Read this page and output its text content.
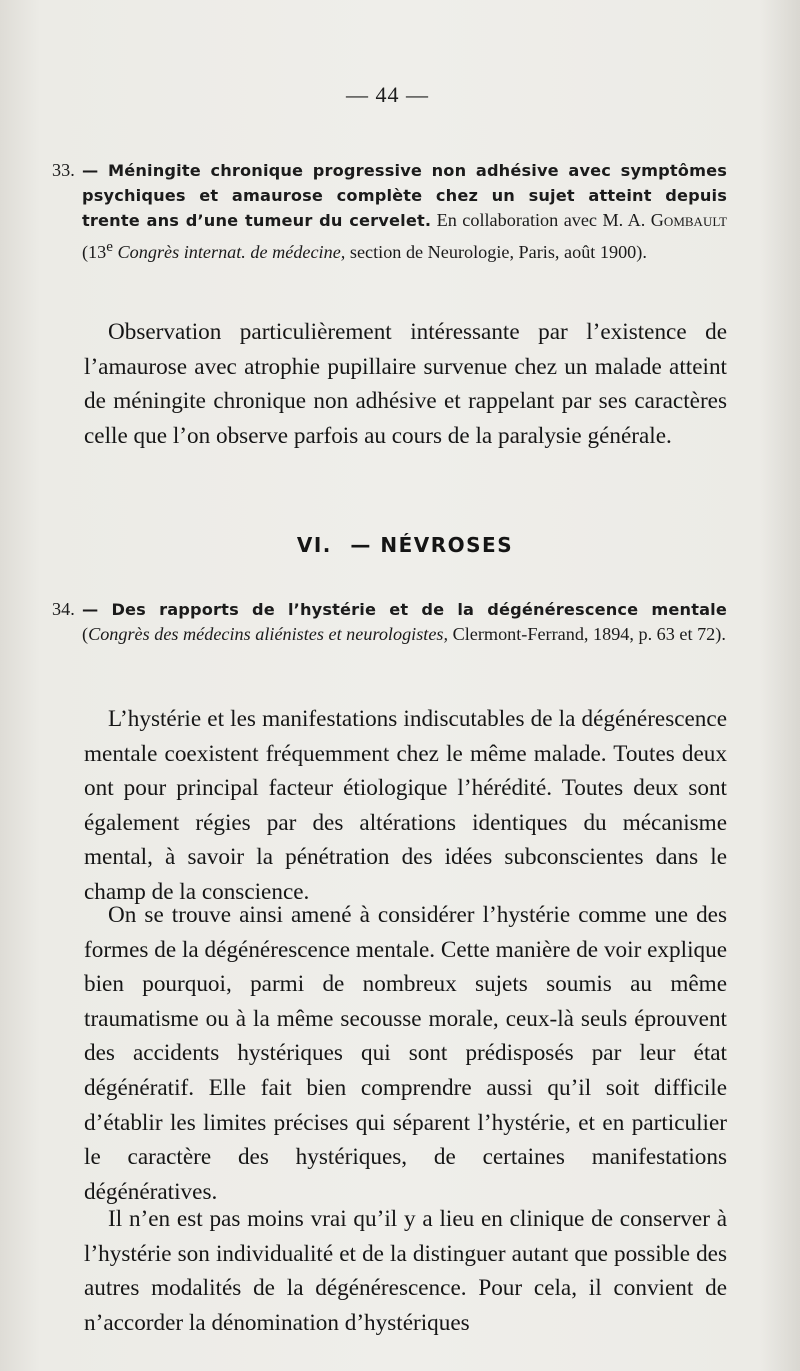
— 44 —
33. — Méningite chronique progressive non adhésive avec symptômes psychiques et amaurose complète chez un sujet atteint depuis trente ans d’une tumeur du cervelet. En collaboration avec M. A. Gombault (13e Congrès internat. de médecine, section de Neurologie, Paris, août 1900).
Observation particulièrement intéressante par l’existence de l’amaurose avec atrophie pupillaire survenue chez un malade atteint de méningite chronique non adhésive et rappelant par ses caractères celle que l’on observe parfois au cours de la paralysie générale.
VI. — NÉVROSES
34. — Des rapports de l’hystérie et de la dégénérescence mentale (Congrès des médecins aliénistes et neurologistes, Clermont-Ferrand, 1894, p. 63 et 72).
L’hystérie et les manifestations indiscutables de la dégénérescence mentale coexistent fréquemment chez le même malade. Toutes deux ont pour principal facteur étiologique l’hérédité. Toutes deux sont également régies par des altérations identiques du mécanisme mental, à savoir la pénétration des idées subconscientes dans le champ de la conscience.
On se trouve ainsi amené à considérer l’hystérie comme une des formes de la dégénérescence mentale. Cette manière de voir explique bien pourquoi, parmi de nombreux sujets soumis au même traumatisme ou à la même secousse morale, ceux-là seuls éprouvent des accidents hystériques qui sont prédisposés par leur état dégénératif. Elle fait bien comprendre aussi qu’il soit difficile d’établir les limites précises qui séparent l’hystérie, et en particulier le caractère des hystériques, de certaines manifestations dégénératives.
Il n’en est pas moins vrai qu’il y a lieu en clinique de conserver à l’hystérie son individualité et de la distinguer autant que possible des autres modalités de la dégénérescence. Pour cela, il convient de n’accorder la dénomination d’hystériques
